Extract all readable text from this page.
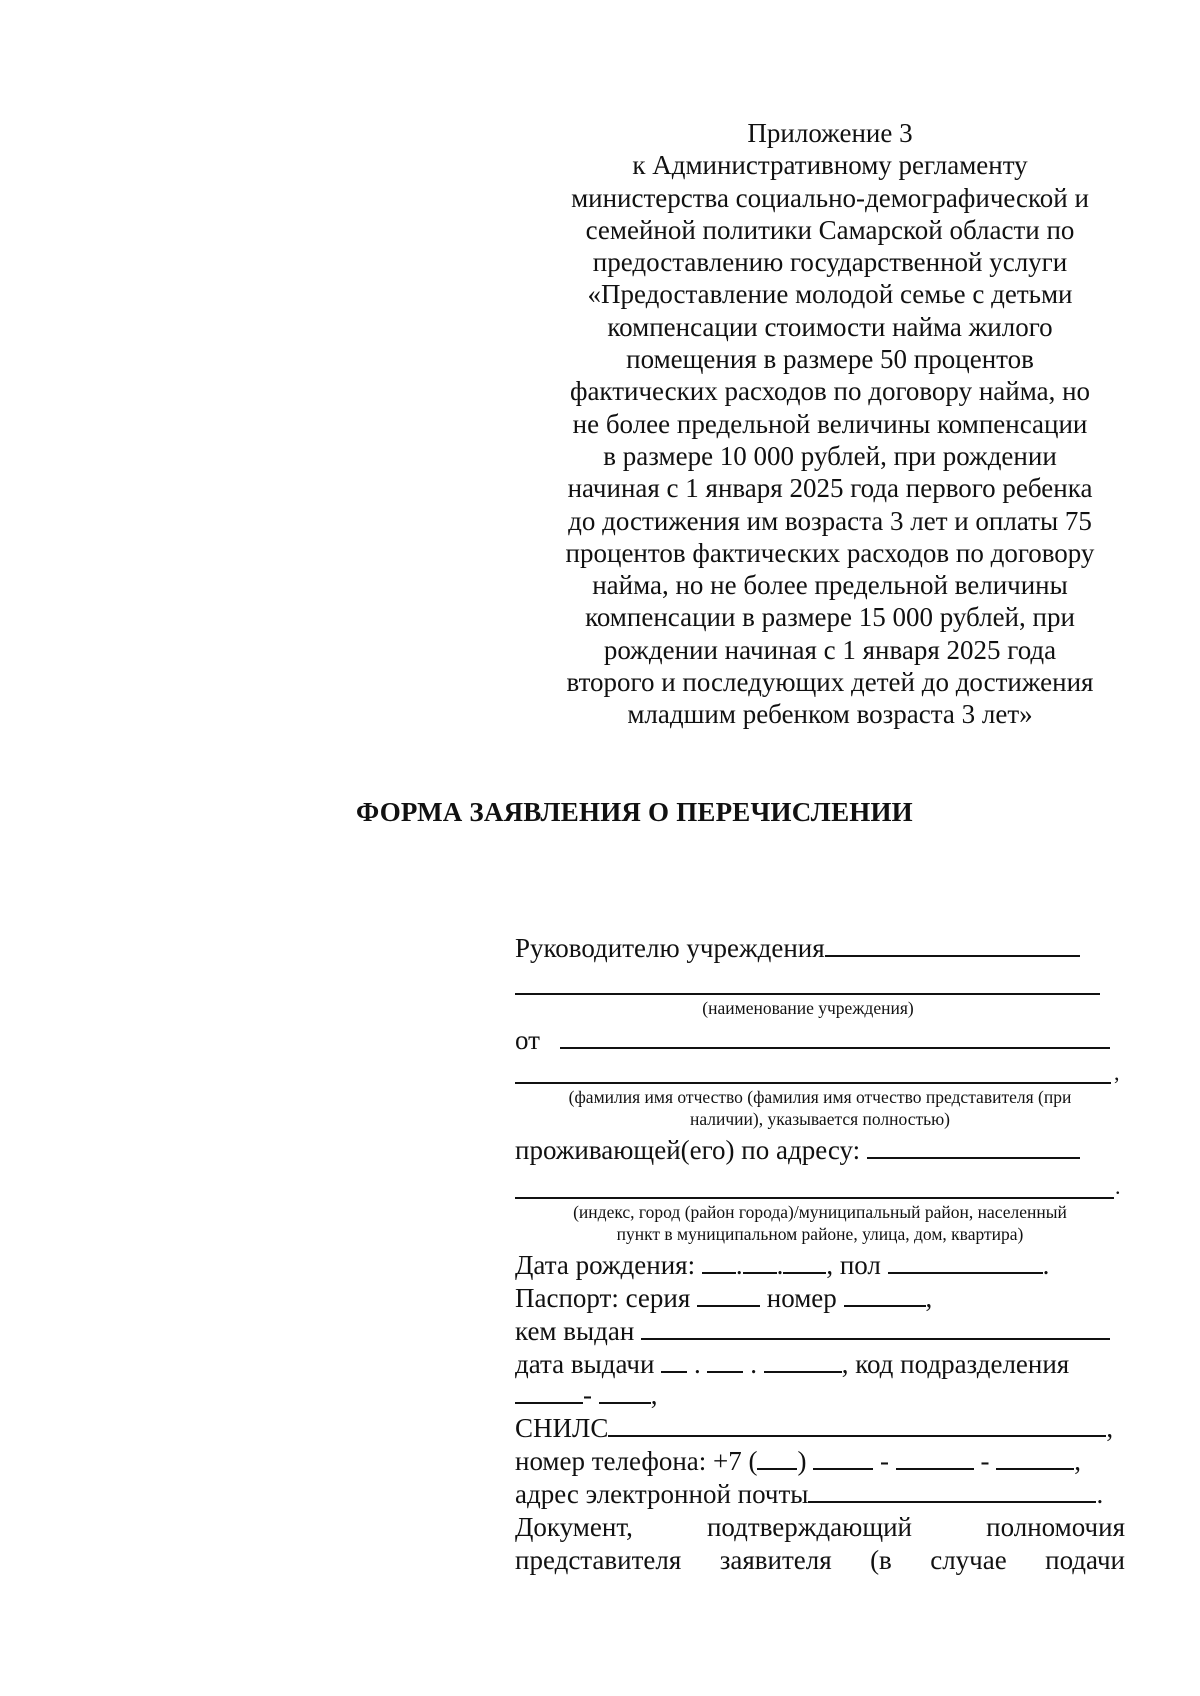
Приложение 3
к Административному регламенту
министерства социально-демографической и
семейной политики Самарской области по
предоставлению государственной услуги
«Предоставление молодой семье с детьми
компенсации стоимости найма жилого
помещения в размере 50 процентов
фактических расходов по договору найма, но
не более предельной величины компенсации
в размере 10 000 рублей, при рождении
начиная с 1 января 2025 года первого ребенка
до достижения им возраста 3 лет и оплаты 75
процентов фактических расходов по договору
найма, но не более предельной величины
компенсации в размере 15 000 рублей, при
рождении начиная с 1 января 2025 года
второго и последующих детей до достижения
младшим ребенком возраста 3 лет»
ФОРМА ЗАЯВЛЕНИЯ О ПЕРЕЧИСЛЕНИИ
Руководителю учреждения
(наименование учреждения)
от
,
(фамилия имя отчество (фамилия имя отчество представителя (при
наличии), указывается полностью)
проживающей(его) по адресу:
.
(индекс, город (район города)/муниципальный район, населенный
пункт в муниципальном районе, улица, дом, квартира)
Дата рождения: . . , пол	.
Паспорт: серия	номер	,
кем выдан
дата выдачи  .  .	, код подразделения
- ,
СНИЛС	,
номер телефона: +7 ( )  -	-	,
адрес электронной почты	.
Документ,	подтверждающий	полномочия
представителя заявителя (в случае подачи
